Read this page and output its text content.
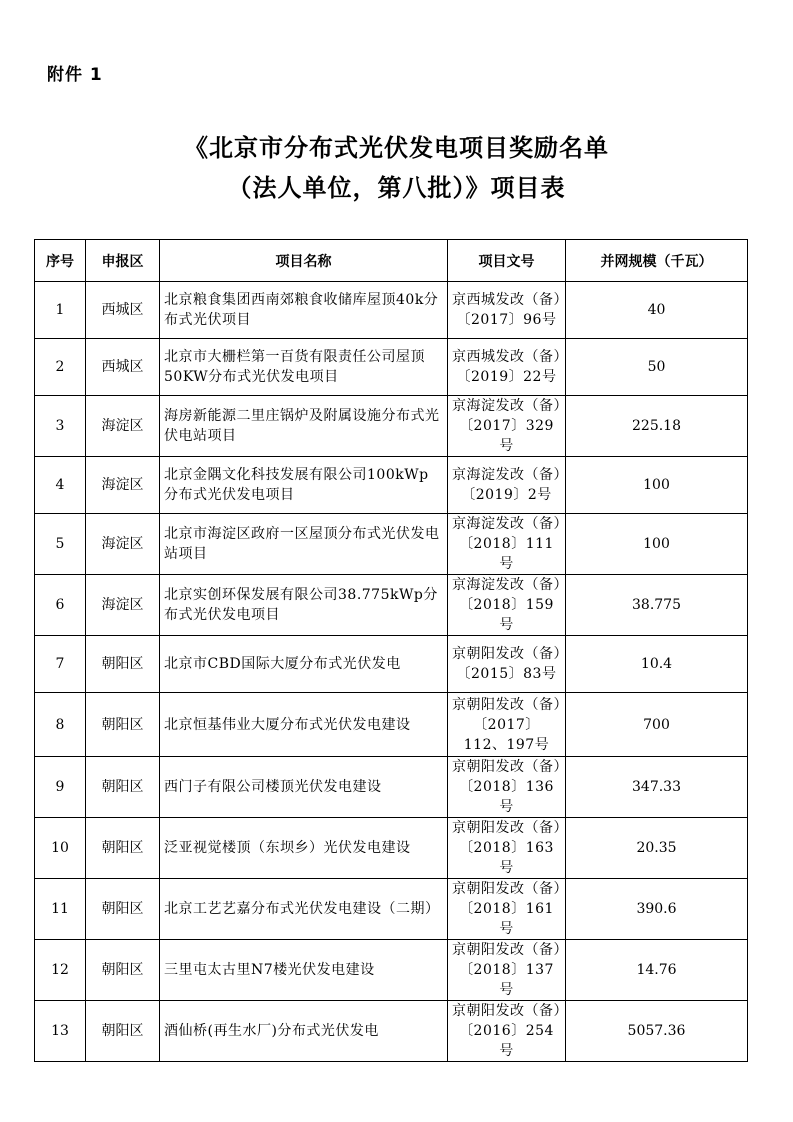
附件 1
《北京市分布式光伏发电项目奖励名单
（法人单位，第八批）》项目表
序号	申报区	项目名称	项目文号	并网规模（千瓦）
1	西城区	北京粮食集团西南郊粮食收储库屋顶40k分布式光伏项目	京西城发改（备）〔2017〕96号	40
2	西城区	北京市大栅栏第一百货有限责任公司屋顶50KW分布式光伏发电项目	京西城发改（备）〔2019〕22号	50
3	海淀区	海房新能源二里庄锅炉及附属设施分布式光伏电站项目	京海淀发改（备）〔2017〕329号	225.18
4	海淀区	北京金隅文化科技发展有限公司100kWp分布式光伏发电项目	京海淀发改（备）〔2019〕2号	100
5	海淀区	北京市海淀区政府一区屋顶分布式光伏发电站项目	京海淀发改（备）〔2018〕111号	100
6	海淀区	北京实创环保发展有限公司38.775kWp分布式光伏发电项目	京海淀发改（备）〔2018〕159号	38.775
7	朝阳区	北京市CBD国际大厦分布式光伏发电	京朝阳发改（备）〔2015〕83号	10.4
8	朝阳区	北京恒基伟业大厦分布式光伏发电建设	京朝阳发改（备）〔2017〕112、197号	700
9	朝阳区	西门子有限公司楼顶光伏发电建设	京朝阳发改（备）〔2018〕136号	347.33
10	朝阳区	泛亚视觉楼顶（东坝乡）光伏发电建设	京朝阳发改（备）〔2018〕163号	20.35
11	朝阳区	北京工艺艺嘉分布式光伏发电建设（二期）	京朝阳发改（备）〔2018〕161号	390.6
12	朝阳区	三里屯太古里N7楼光伏发电建设	京朝阳发改（备）〔2018〕137号	14.76
13	朝阳区	酒仙桥(再生水厂)分布式光伏发电	京朝阳发改（备）〔2016〕254号	5057.36
